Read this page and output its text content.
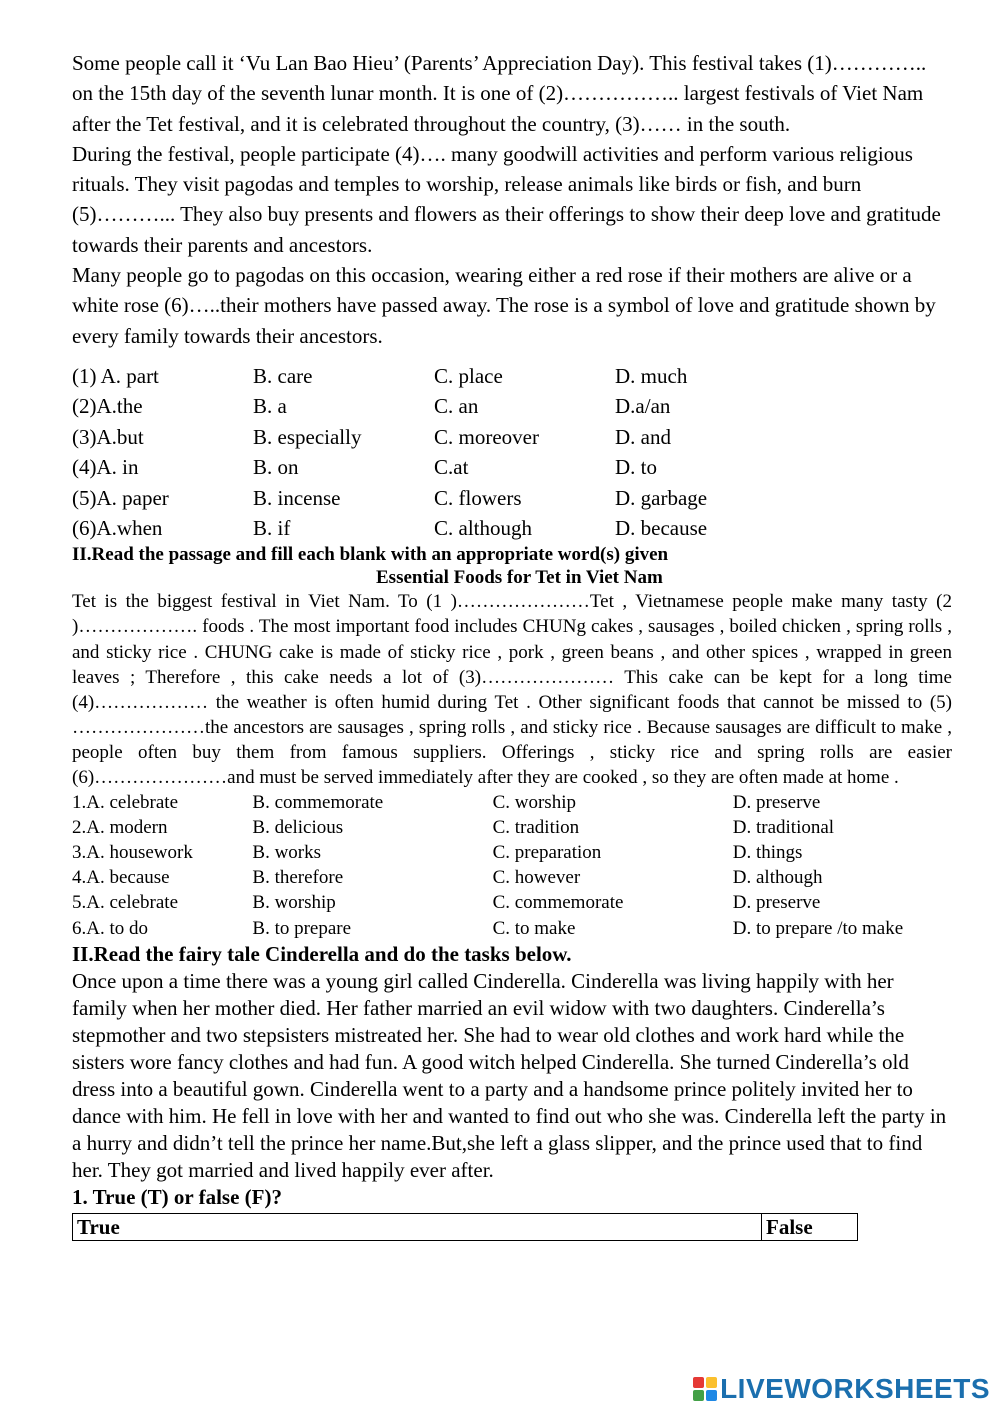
Some people call it ‘Vu Lan Bao Hieu’ (Parents’ Appreciation Day). This festival takes (1)………….. on the 15th day of the seventh lunar month. It is one of (2)…………….. largest festivals of Viet Nam after the Tet festival, and it is celebrated throughout the country, (3)…… in the south.

During the festival, people participate (4)…. many goodwill activities and perform various religious rituals. They visit pagodas and temples to worship, release animals like birds or fish, and burn (5)………... They also buy presents and flowers as their offerings to show their deep love and gratitude towards their parents and ancestors.

Many people go to pagodas on this occasion, wearing either a red rose if their mothers are alive or a white rose (6)…..their mothers have passed away. The rose is a symbol of love and gratitude shown by every family towards their ancestors.

(1) A. part	B. care	C. place	D. much
(2)A.the	B. a	C. an	D.a/an
(3)A.but	B. especially	C. moreover	D. and
(4)A. in	B. on	C.at	D. to
(5)A. paper	B. incense	C. flowers	D. garbage
(6)A.when	B. if	C. although	D. because

II.Read the passage and fill each blank with an appropriate word(s) given

Essential Foods for Tet in Viet Nam

Tet is the biggest festival in Viet Nam. To (1 )…………………Tet , Vietnamese people make many tasty (2 )………………. foods . The most important food includes CHUNg cakes , sausages , boiled chicken , spring rolls , and sticky rice . CHUNG cake is made of sticky rice , pork , green beans , and other spices , wrapped in green leaves ; Therefore , this cake needs a lot of (3)………………… This cake can be kept for a long time (4)……………… the weather is often humid during Tet . Other significant foods that cannot be missed to (5) …………………the ancestors are sausages , spring rolls , and sticky rice . Because sausages are difficult to make , people often buy them from famous suppliers. Offerings , sticky rice and spring rolls are easier (6)…………………and must be served immediately after they are cooked , so they are often made at home .

1.A. celebrate	B. commemorate	C. worship	D. preserve
2.A. modern	B. delicious	C. tradition	D. traditional
3.A. housework	B. works	C. preparation	D. things
4.A. because	B. therefore	C. however	D. although
5.A. celebrate	B. worship	C. commemorate	D. preserve
6.A. to do	B. to prepare	C. to make	D. to prepare /to make

II.Read the fairy tale Cinderella and do the tasks below.

Once upon a time there was a young girl called Cinderella. Cinderella was living happily with her family when her mother died. Her father married an evil widow with two daughters. Cinderella’s stepmother and two stepsisters mistreated her. She had to wear old clothes and work hard while the sisters wore fancy clothes and had fun. A good witch helped Cinderella. She turned Cinderella’s old dress into a beautiful gown. Cinderella went to a party and a handsome prince politely invited her to dance with him. He fell in love with her and wanted to find out who she was. Cinderella left the party in a hurry and didn’t tell the prince her name.But,she left a glass slipper, and the prince used that to find her. They got married and lived happily ever after.

1. True (T) or false (F)?

True	False
LIVEWORKSHEETS
